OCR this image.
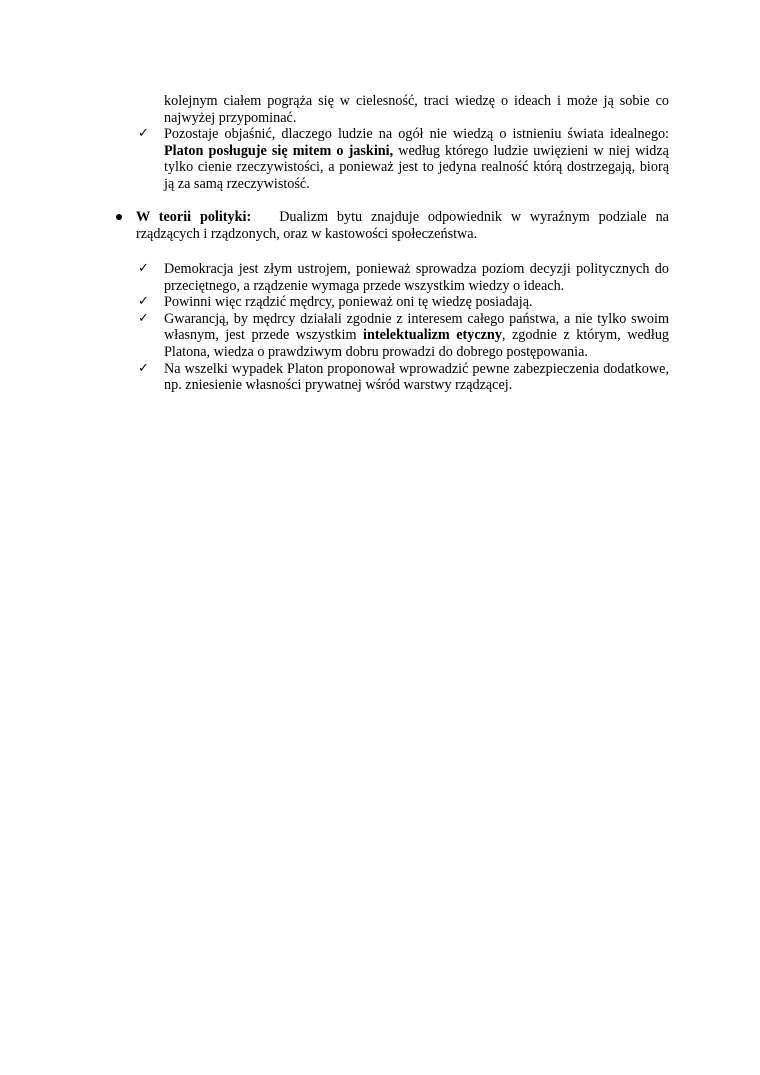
kolejnym ciałem pogrąża się w cielesność, traci wiedzę o ideach i może ją sobie co najwyżej przypominać.
✓ Pozostaje objaśnić, dlaczego ludzie na ogół nie wiedzą o istnieniu świata idealnego: Platon posługuje się mitem o jaskini, według którego ludzie uwięzieni w niej widzą tylko cienie rzeczywistości, a ponieważ jest to jedyna realność którą dostrzegają, biorą ją za samą rzeczywistość.
W teorii polityki: Dualizm bytu znajduje odpowiednik w wyraźnym podziale na rządzących i rządzonych, oraz w kastowości społeczeństwa.
✓ Demokracja jest złym ustrojem, ponieważ sprowadza poziom decyzji politycznych do przeciętnego, a rządzenie wymaga przede wszystkim wiedzy o ideach.
✓ Powinni więc rządzić mędrcy, ponieważ oni tę wiedzę posiadają.
✓ Gwarancją, by mędrcy działali zgodnie z interesem całego państwa, a nie tylko swoim własnym, jest przede wszystkim intelektualizm etyczny, zgodnie z którym, według Platona, wiedza o prawdziwym dobru prowadzi do dobrego postępowania.
✓ Na wszelki wypadek Platon proponował wprowadzić pewne zabezpieczenia dodatkowe, np. zniesienie własności prywatnej wśród warstwy rządzącej.
